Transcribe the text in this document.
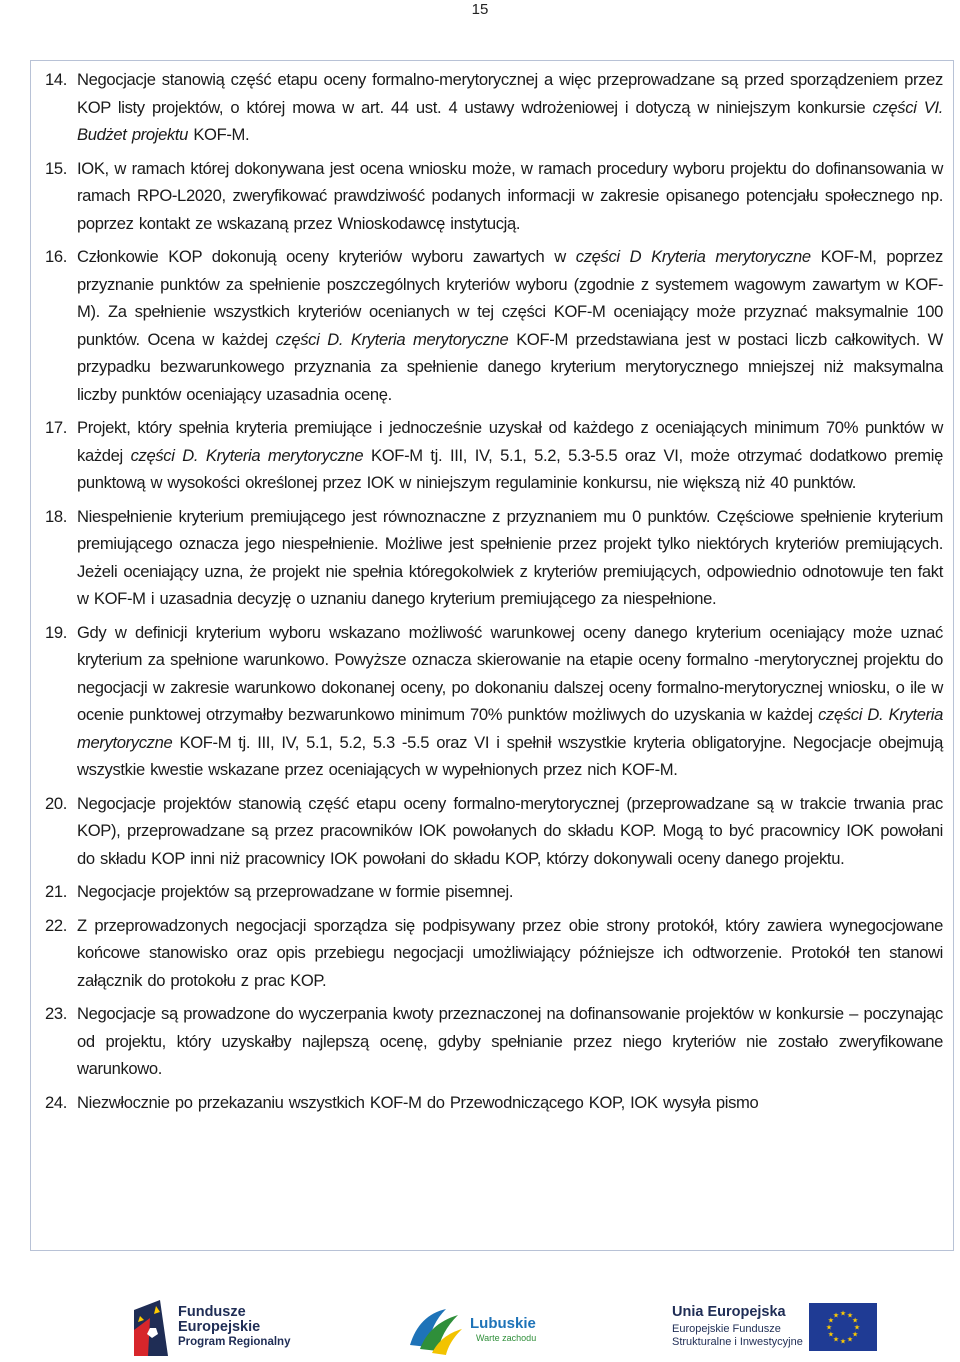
15
14. Negocjacje stanowią część etapu oceny formalno-merytorycznej a więc przeprowadzane są przed sporządzeniem przez KOP listy projektów, o której mowa w art. 44 ust. 4 ustawy wdrożeniowej i dotyczą w niniejszym konkursie części VI. Budżet projektu KOF-M.
15. IOK, w ramach której dokonywana jest ocena wniosku może, w ramach procedury wyboru projektu do dofinansowania w ramach RPO-L2020, zweryfikować prawdziwość podanych informacji w zakresie opisanego potencjału społecznego np. poprzez kontakt ze wskazaną przez Wnioskodawcę instytucją.
16. Członkowie KOP dokonują oceny kryteriów wyboru zawartych w części D Kryteria merytoryczne KOF-M, poprzez przyznanie punktów za spełnienie poszczególnych kryteriów wyboru (zgodnie z systemem wagowym zawartym w KOF-M). Za spełnienie wszystkich kryteriów ocenianych w tej części KOF-M oceniający może przyznać maksymalnie 100 punktów. Ocena w każdej części D. Kryteria merytoryczne KOF-M przedstawiana jest w postaci liczb całkowitych. W przypadku bezwarunkowego przyznania za spełnienie danego kryterium merytorycznego mniejszej niż maksymalna liczby punktów oceniający uzasadnia ocenę.
17. Projekt, który spełnia kryteria premiujące i jednocześnie uzyskał od każdego z oceniających minimum 70% punktów w każdej części D. Kryteria merytoryczne KOF-M tj. III, IV, 5.1, 5.2, 5.3-5.5 oraz VI, może otrzymać dodatkowo premię punktową w wysokości określonej przez IOK w niniejszym regulaminie konkursu, nie większą niż 40 punktów.
18. Niespełnienie kryterium premiującego jest równoznaczne z przyznaniem mu 0 punktów. Częściowe spełnienie kryterium premiującego oznacza jego niespełnienie. Możliwe jest spełnienie przez projekt tylko niektórych kryteriów premiujących. Jeżeli oceniający uzna, że projekt nie spełnia któregokolwiek z kryteriów premiujących, odpowiednio odnotowuje ten fakt w KOF-M i uzasadnia decyzję o uznaniu danego kryterium premiującego za niespełnione.
19. Gdy w definicji kryterium wyboru wskazano możliwość warunkowej oceny danego kryterium oceniający może uznać kryterium za spełnione warunkowo. Powyższe oznacza skierowanie na etapie oceny formalno -merytorycznej projektu do negocjacji w zakresie warunkowo dokonanej oceny, po dokonaniu dalszej oceny formalno-merytorycznej wniosku, o ile w ocenie punktowej otrzymałby bezwarunkowo minimum 70% punktów możliwych do uzyskania w każdej części D. Kryteria merytoryczne KOF-M tj. III, IV, 5.1, 5.2, 5.3 -5.5 oraz VI i spełnił wszystkie kryteria obligatoryjne. Negocjacje obejmują wszystkie kwestie wskazane przez oceniających w wypełnionych przez nich KOF-M.
20. Negocjacje projektów stanowią część etapu oceny formalno-merytorycznej (przeprowadzane są w trakcie trwania prac KOP), przeprowadzane są przez pracowników IOK powołanych do składu KOP. Mogą to być pracownicy IOK powołani do składu KOP inni niż pracownicy IOK powołani do składu KOP, którzy dokonywali oceny danego projektu.
21. Negocjacje projektów są przeprowadzane w formie pisemnej.
22. Z przeprowadzonych negocjacji sporządza się podpisywany przez obie strony protokół, który zawiera wynegocjowane końcowe stanowisko oraz opis przebiegu negocjacji umożliwiający późniejsze ich odtworzenie. Protokół ten stanowi załącznik do protokołu z prac KOP.
23. Negocjacje są prowadzone do wyczerpania kwoty przeznaczonej na dofinansowanie projektów w konkursie – poczynając od projektu, który uzyskałby najlepszą ocenę, gdyby spełnianie przez niego kryteriów nie zostało zweryfikowane warunkowo.
24. Niezwłocznie po przekazaniu wszystkich KOF-M do Przewodniczącego KOP, IOK wysyła pismo
Fundusze
Europejskie
Program Regionalny
Lubuskie
Warte zachodu
Unia Europejska
Europejskie Fundusze
Strukturalne i Inwestycyjne
★ ★
★
★
★
★
★
★
★
★
★
★
